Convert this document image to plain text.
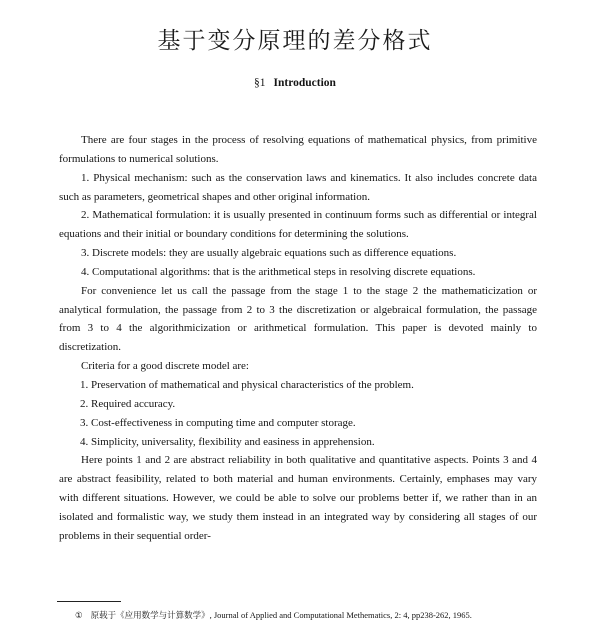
基于变分原理的差分格式
§1 Introduction

There are four stages in the process of resolving equations of mathematical physics, from primitive formulations to numerical solutions.

1. Physical mechanism: such as the conservation laws and kinematics. It also includes concrete data such as parameters, geometrical shapes and other original information.

2. Mathematical formulation: it is usually presented in continuum forms such as differential or integral equations and their initial or boundary conditions for determining the solutions.

3. Discrete models: they are usually algebraic equations such as difference equations.

4. Computational algorithms: that is the arithmetical steps in resolving discrete equations.

For convenience let us call the passage from the stage 1 to the stage 2 the mathematicization or analytical formulation, the passage from 2 to 3 the discretization or algebraical formulation, the passage from 3 to 4 the algorithmicization or arithmetical formulation. This paper is devoted mainly to discretization.

Criteria for a good discrete model are:

1. Preservation of mathematical and physical characteristics of the problem.

2. Required accuracy.

3. Cost-effectiveness in computing time and computer storage.

4. Simplicity, universality, flexibility and easiness in apprehension.

Here points 1 and 2 are abstract reliability in both qualitative and quantitative aspects. Points 3 and 4 are abstract feasibility, related to both material and human environments. Certainly, emphases may vary with different situations. However, we could be able to solve our problems better if, we rather than in an isolated and formalistic way, we study them instead in an integrated way by considering all stages of our problems in their sequential order-

① 原载于《应用数学与计算数学》, Journal of Applied and Computational Methematics, 2: 4, pp238-262, 1965.
